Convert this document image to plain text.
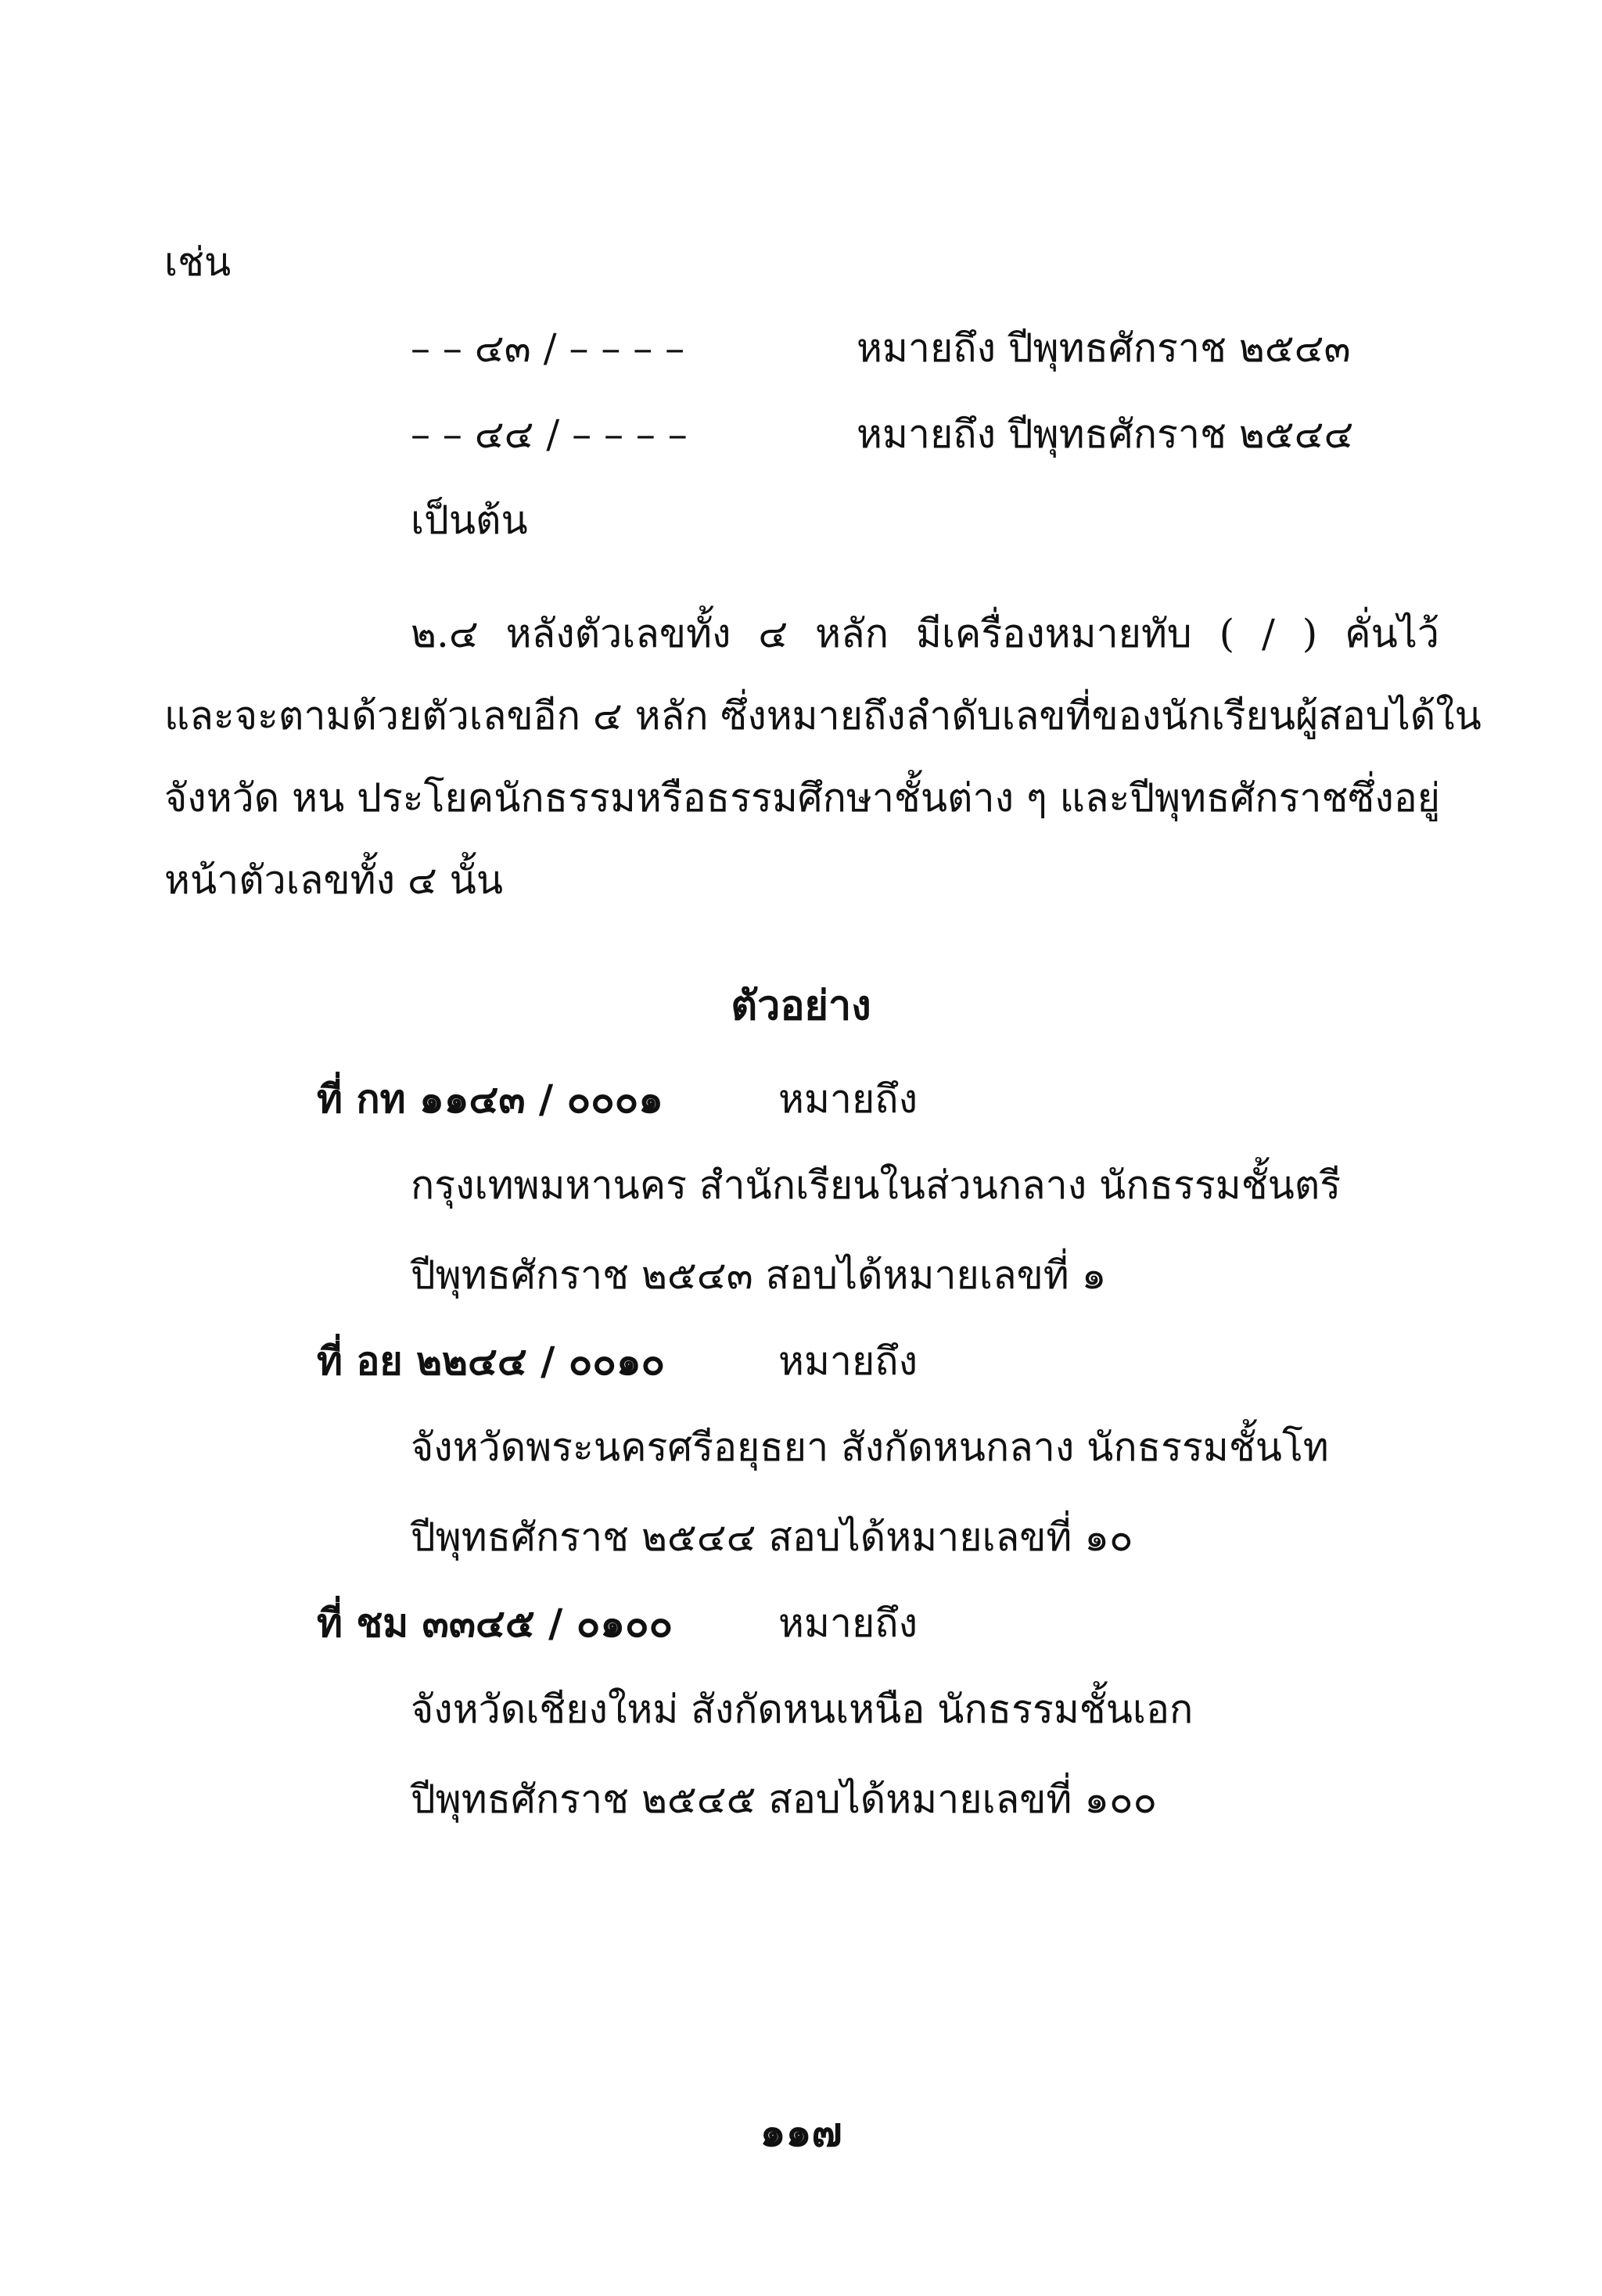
เช่น
– – ๔๓ / – – – –	หมายถึง ปีพุทธศักราช ๒๕๔๓
– – ๔๔ / – – – –	หมายถึง ปีพุทธศักราช ๒๕๔๔
เป็นต้น
๒.๔ หลังตัวเลขทั้ง ๔ หลัก มีเครื่องหมายทับ ( / ) คั่นไว้
และจะตามด้วยตัวเลขอีก ๔ หลัก ซึ่งหมายถึงลำดับเลขที่ของนักเรียนผู้สอบได้ใน
จังหวัด หน ประโยคนักธรรมหรือธรรมศึกษาชั้นต่าง ๆ และปีพุทธศักราชซึ่งอยู่
หน้าตัวเลขทั้ง ๔ นั้น
ตัวอย่าง
ที่ กท ๑๑๔๓ / ๐๐๐๑	หมายถึง
กรุงเทพมหานคร สำนักเรียนในส่วนกลาง นักธรรมชั้นตรี
ปีพุทธศักราช ๒๕๔๓ สอบได้หมายเลขที่ ๑
ที่ อย ๒๒๔๔ / ๐๐๑๐	หมายถึง
จังหวัดพระนครศรีอยุธยา สังกัดหนกลาง นักธรรมชั้นโท
ปีพุทธศักราช ๒๕๔๔ สอบได้หมายเลขที่ ๑๐
ที่ ชม ๓๓๔๕ / ๐๑๐๐	หมายถึง
จังหวัดเชียงใหม่ สังกัดหนเหนือ นักธรรมชั้นเอก
ปีพุทธศักราช ๒๕๔๕ สอบได้หมายเลขที่ ๑๐๐
๑๑๗
